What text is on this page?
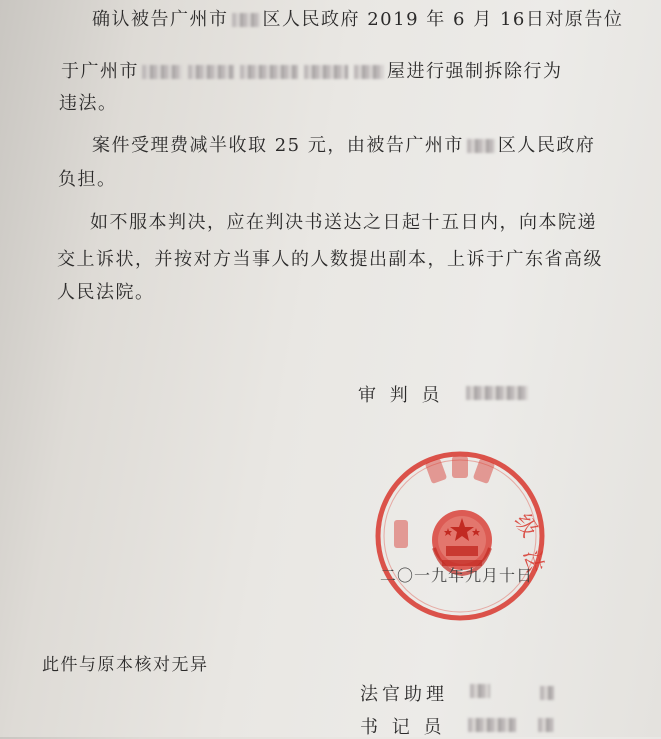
确认被告广州市 区人民政府 2019 年 6 月 16日对原告位
于广州市	屋进行强制拆除行为
违法。
案件受理费减半收取 25 元，由被告广州市 区人民政府
负担。
如不服本判决，应在判决书送达之日起十五日内，向本院递
交上诉状，并按对方当事人的人数提出副本，上诉于广东省高级
人民法院。
审 判 员
级
法
二〇一九年九月十日
此件与原本核对无异
法官助理
书 记 员
